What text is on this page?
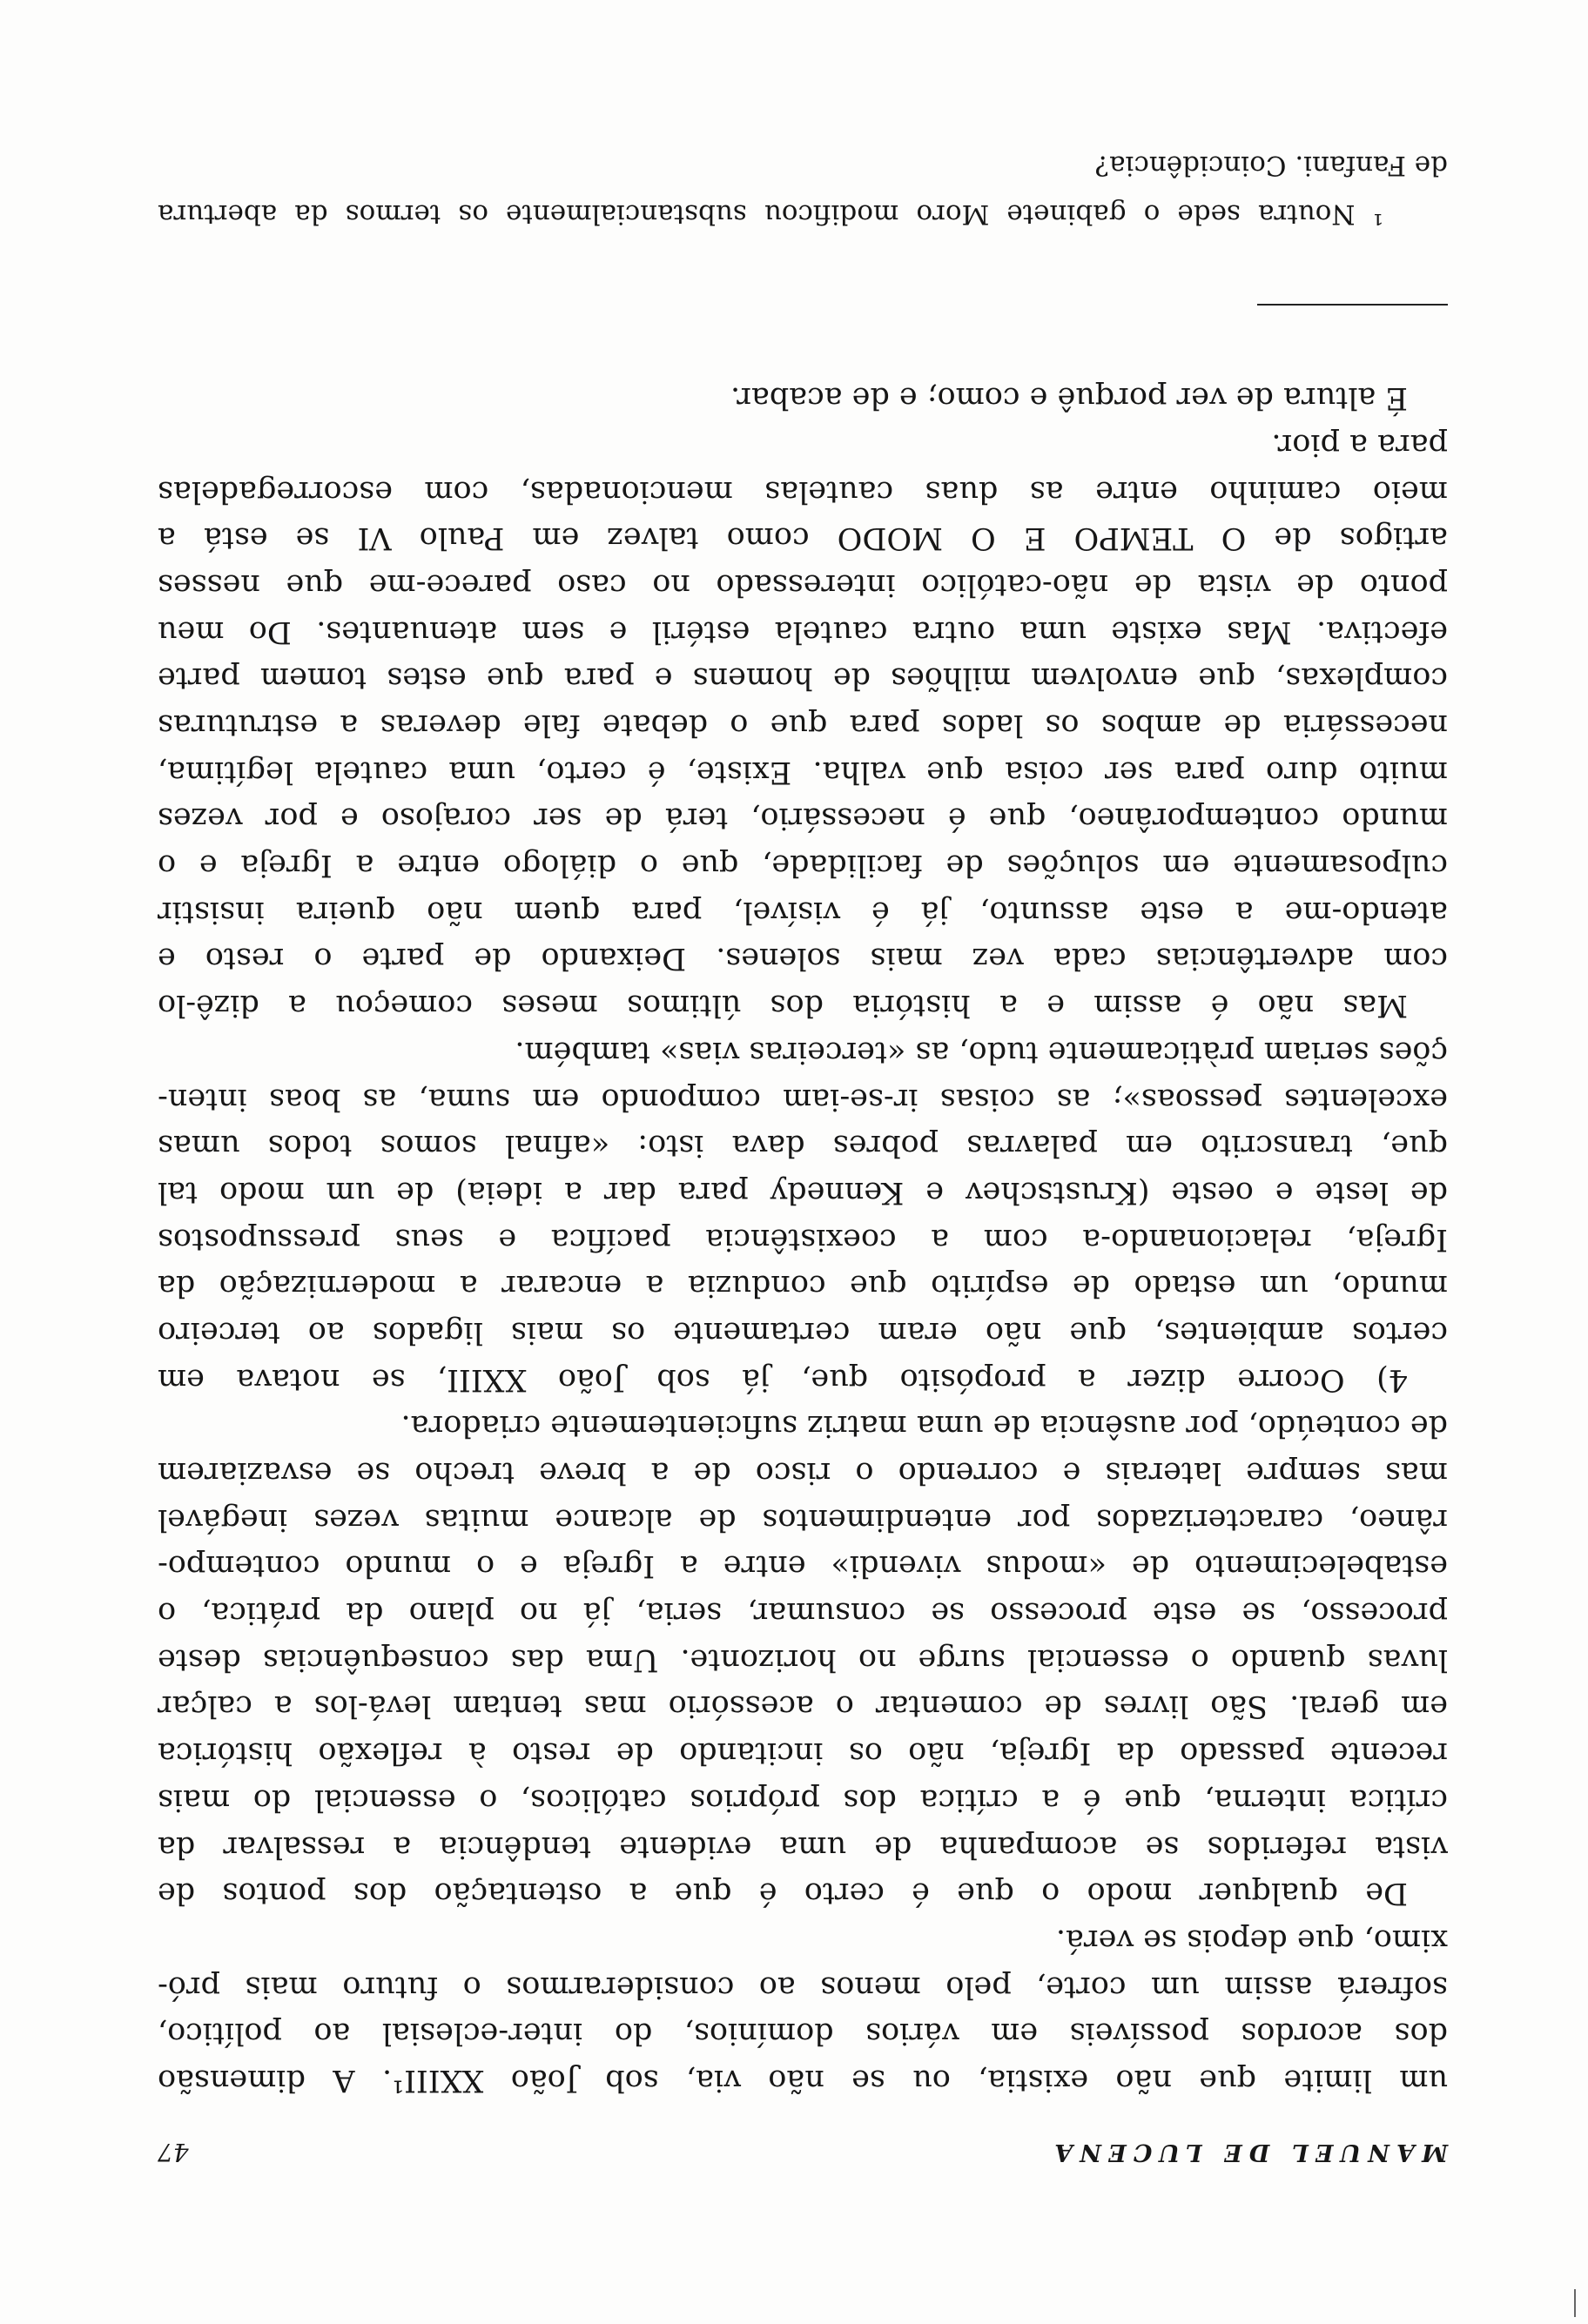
MANUEL DE LUCENA
47
um limite que não existia, ou se não via, sob João XXIII¹. A dimensão
dos acordos possíveis em vários domínios, do inter-eclesial ao político,
sofrerá assim um corte, pelo menos ao considerarmos o futuro mais pró-
ximo, que depois se verá.
De qualquer modo o que é certo é que a ostentação dos pontos de
vista referidos se acompanha de uma evidente tendência a ressalvar da
crítica interna, que é a crítica dos próprios católicos, o essencial do mais
recente passado da Igreja, não os incitando de resto à reflexão histórica
em geral. São livres de comentar o acessório mas tentam levá-los a calçar
luvas quando o essencial surge no horizonte. Uma das consequências deste
processo, se este processo se consumar, seria, já no plano da prática, o
estabelecimento de «modus vivendi» entre a Igreja e o mundo contempo-
râneo, caracterizados por entendimentos de alcance muitas vezes inegável
mas sempre laterais e correndo o risco de a breve trecho se esvaziarem
de conteúdo, por ausência de uma matriz suficientemente criadora.
4) Ocorre dizer a propósito que, já sob João XXIII, se notava em
certos ambientes, que não eram certamente os mais ligados ao terceiro
mundo, um estado de espírito que conduzia a encarar a modernização da
Igreja, relacionando-a com a coexistência pacífica e seus pressupostos
de leste e oeste (Krustschev e Kennedy para dar a ideia) de um modo tal
que, transcrito em palavras pobres dava isto: «afinal somos todos umas
excelentes pessoas»; as coisas ir-se-iam compondo em suma, as boas inten-
ções seriam pràticamente tudo, as «terceiras vias» também.
Mas não é assim e a história dos últimos meses começou a dizê-lo
com advertências cada vez mais solenes. Deixando de parte o resto e
atendo-me a este assunto, já é visível, para quem não queira insistir
culposamente em soluções de facilidade, que o diálogo entre a Igreja e o
mundo contemporâneo, que é necessário, terá de ser corajoso e por vezes
muito duro para ser coisa que valha. Existe, é certo, uma cautela legítima,
necessária de ambos os lados para que o debate fale deveras a estruturas
complexas, que envolvem milhões de homens e para que estes tomem parte
efectiva. Mas existe uma outra cautela estéril e sem atenuantes. Do meu
ponto de vista de não-católico interessado no caso parece-me que nesses
artigos de O TEMPO E O MODO como talvez em Paulo VI se está a
meio caminho entre as duas cautelas mencionadas, com escorregadelas
para a pior.
É altura de ver porquê e como; e de acabar.
¹ Noutra sede o gabinete Moro modificou substancialmente os termos da abertura
de Fanfani. Coincidência?
